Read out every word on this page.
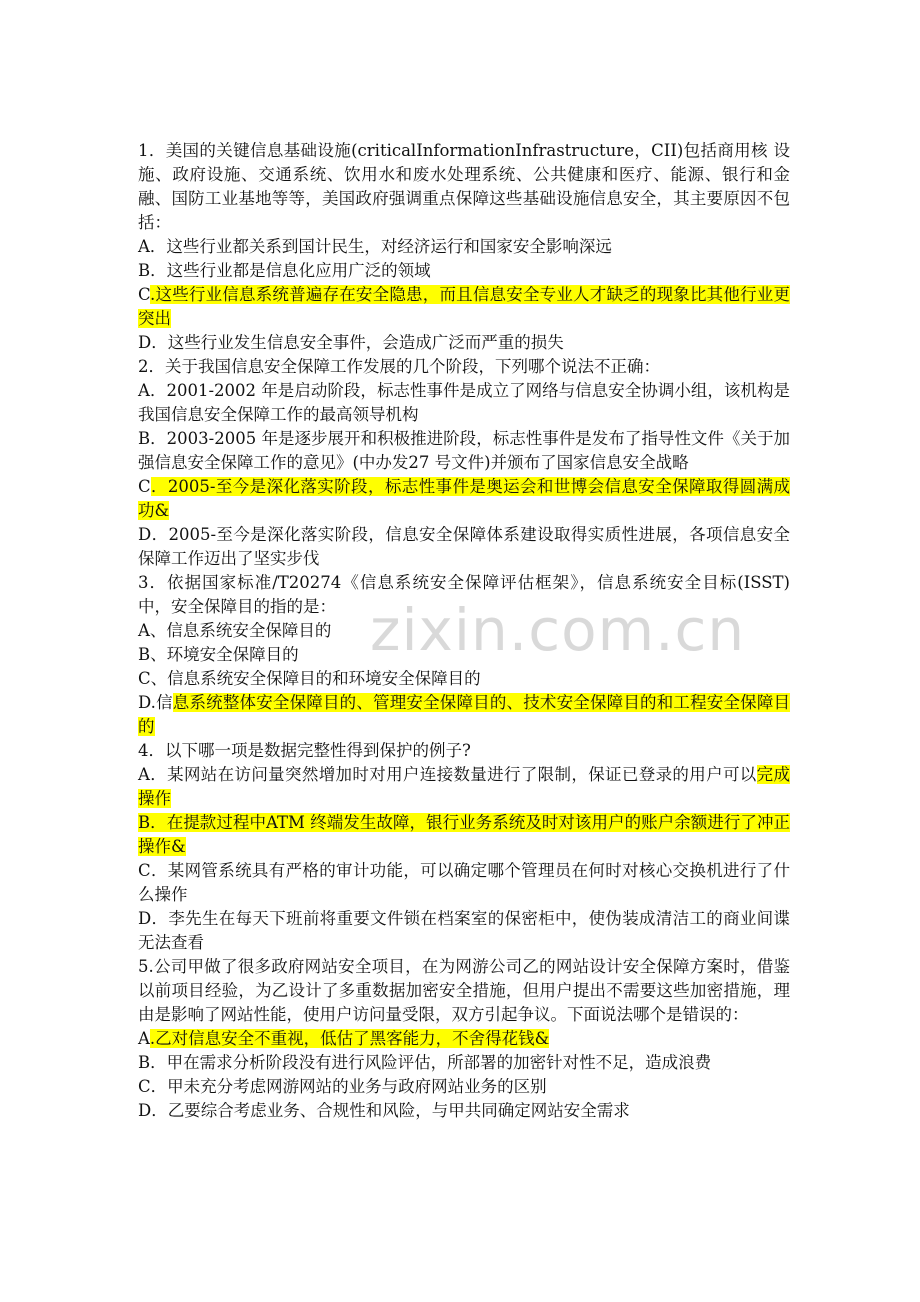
zixin.com.cn

1．美国的关键信息基础设施(criticalInformationInfrastructure，CII)包括商用核 设施、政府设施、交通系统、饮用水和废水处理系统、公共健康和医疗、能源、银行和金融、国防工业基地等等，美国政府强调重点保障这些基础设施信息安全，其主要原因不包括：

A．这些行业都关系到国计民生，对经济运行和国家安全影响深远

B．这些行业都是信息化应用广泛的领域

C.这些行业信息系统普遍存在安全隐患，而且信息安全专业人才缺乏的现象比其他行业更突出

D．这些行业发生信息安全事件，会造成广泛而严重的损失

2．关于我国信息安全保障工作发展的几个阶段，下列哪个说法不正确：

A．2001-2002 年是启动阶段，标志性事件是成立了网络与信息安全协调小组，该机构是我国信息安全保障工作的最高领导机构

B．2003-2005 年是逐步展开和积极推进阶段，标志性事件是发布了指导性文件《关于加强信息安全保障工作的意见》(中办发27 号文件)并颁布了国家信息安全战略

C．2005-至今是深化落实阶段，标志性事件是奥运会和世博会信息安全保障取得圆满成功&

D．2005-至今是深化落实阶段，信息安全保障体系建设取得实质性进展，各项信息安全保障工作迈出了坚实步伐

3．依据国家标准/T20274《信息系统安全保障评估框架》，信息系统安全目标(ISST)中，安全保障目的指的是：

A、信息系统安全保障目的

B、环境安全保障目的

C、信息系统安全保障目的和环境安全保障目的

D.信息系统整体安全保障目的、管理安全保障目的、技术安全保障目的和工程安全保障目的

4．以下哪一项是数据完整性得到保护的例子?

A．某网站在访问量突然增加时对用户连接数量进行了限制，保证已登录的用户可以完成操作

B．在提款过程中ATM 终端发生故障，银行业务系统及时对该用户的账户余额进行了冲正操作&

C．某网管系统具有严格的审计功能，可以确定哪个管理员在何时对核心交换机进行了什么操作

D．李先生在每天下班前将重要文件锁在档案室的保密柜中，使伪装成清洁工的商业间谍无法查看

5.公司甲做了很多政府网站安全项目，在为网游公司乙的网站设计安全保障方案时，借鉴以前项目经验，为乙设计了多重数据加密安全措施，但用户提出不需要这些加密措施，理由是影响了网站性能，使用户访问量受限，双方引起争议。下面说法哪个是错误的：

A.乙对信息安全不重视，低估了黑客能力，不舍得花钱&

B．甲在需求分析阶段没有进行风险评估，所部署的加密针对性不足，造成浪费

C．甲未充分考虑网游网站的业务与政府网站业务的区别

D．乙要综合考虑业务、合规性和风险，与甲共同确定网站安全需求
